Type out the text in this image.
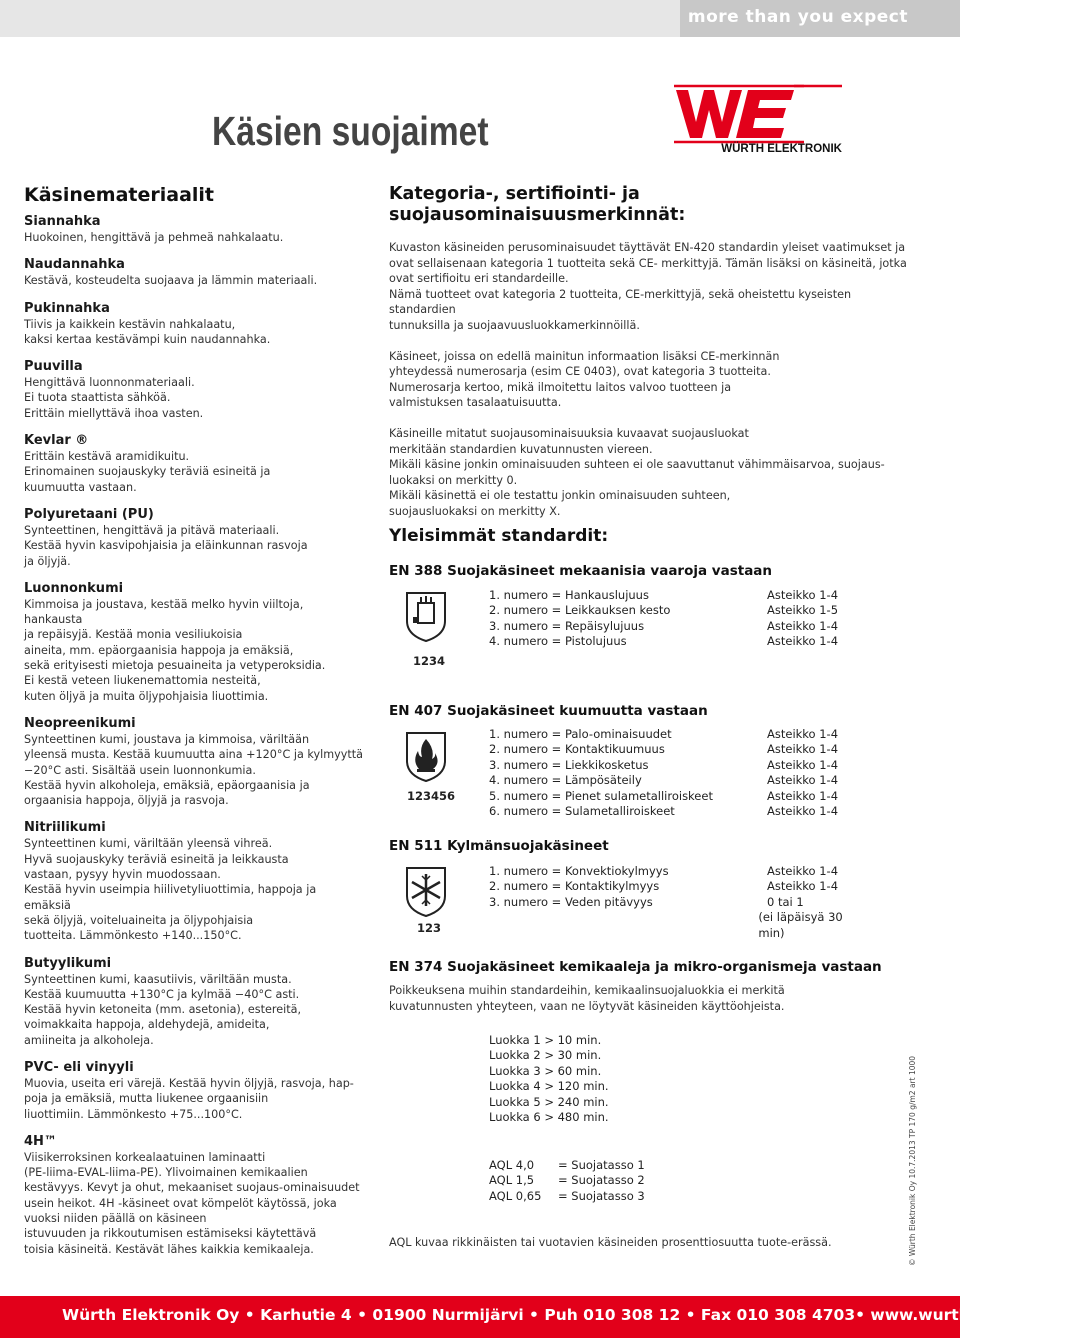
more than you expect
Käsien suojaimet	WÜRTH ELEKTRONIK
Käsinemateriaalit
Siannahka

Huokoinen, hengittävä ja pehmeä nahkalaatu.

Naudannahka

Kestävä, kosteudelta suojaava ja lämmin materiaali.

Pukinnahka

Tiivis ja kaikkein kestävin nahkalaatu,
kaksi kertaa kestävämpi kuin naudannahka.

Puuvilla

Hengittävä luonnonmateriaali.
Ei tuota staattista sähköä.
Erittäin miellyttävä ihoa vasten.

Kevlar ®

Erittäin kestävä aramidikuitu.
Erinomainen suojauskyky teräviä esineitä ja
kuumuutta vastaan.

Polyuretaani (PU)

Synteettinen, hengittävä ja pitävä materiaali.
Kestää hyvin kasvipohjaisia ja eläinkunnan rasvoja
ja öljyjä.

Luonnonkumi

Kimmoisa ja joustava, kestää melko hyvin viiltoja, hankausta
ja repäisyjä. Kestää monia vesiliukoisia
aineita, mm. epäorgaanisia happoja ja emäksiä,
sekä erityisesti mietoja pesuaineita ja vetyperoksidia.
Ei kestä veteen liukenemattomia nesteitä,
kuten öljyä ja muita öljypohjaisia liuottimia.

Neopreenikumi

Synteettinen kumi, joustava ja kimmoisa, väriltään
yleensä musta. Kestää kuumuutta aina +120°C ja kylmyyttä
−20°C asti. Sisältää usein luonnonkumia.
Kestää hyvin alkoholeja, emäksiä, epäorgaanisia ja
orgaanisia happoja, öljyjä ja rasvoja.

Nitriilikumi

Synteettinen kumi, väriltään yleensä vihreä.
Hyvä suojauskyky teräviä esineitä ja leikkausta
vastaan, pysyy hyvin muodossaan.
Kestää hyvin useimpia hiilivetyliuottimia, happoja ja emäksiä
sekä öljyjä, voiteluaineita ja öljypohjaisia
tuotteita. Lämmönkesto +140...150°C.

Butyylikumi

Synteettinen kumi, kaasutiivis, väriltään musta.
Kestää kuumuutta +130°C ja kylmää −40°C asti.
Kestää hyvin ketoneita (mm. asetonia), estereitä,
voimakkaita happoja, aldehydejä, amideita,
amiineita ja alkoholeja.

PVC- eli vinyyli

Muovia, useita eri värejä. Kestää hyvin öljyjä, rasvoja, hap-
poja ja emäksiä, mutta liukenee orgaanisiin
liuottimiin. Lämmönkesto +75...100°C.

4H™

Viisikerroksinen korkealaatuinen laminaatti
(PE-liima-EVAL-liima-PE). Ylivoimainen kemikaalien
kestävyys. Kevyt ja ohut, mekaaniset suojaus-ominaisuudet
usein heikot. 4H -käsineet ovat kömpelöt käytössä, joka
vuoksi niiden päällä on käsineen
istuvuuden ja rikkoutumisen estämiseksi käytettävä
toisia käsineitä. Kestävät lähes kaikkia kemikaaleja.

Kategoria-, sertifiointi- ja
suojausominaisuusmerkinnät:

Kuvaston käsineiden perusominaisuudet täyttävät EN-420 standardin yleiset vaatimukset ja
ovat sellaisenaan kategoria 1 tuotteita sekä CE- merkittyjä. Tämän lisäksi on käsineitä, jotka
ovat sertifioitu eri standardeille.
Nämä tuotteet ovat kategoria 2 tuotteita, CE-merkittyjä, sekä oheistettu kyseisten standardien
tunnuksilla ja suojaavuusluokkamerkinnöillä.

Käsineet, joissa on edellä mainitun informaation lisäksi CE-merkinnän
yhteydessä numerosarja (esim CE 0403), ovat kategoria 3 tuotteita.
Numerosarja kertoo, mikä ilmoitettu laitos valvoo tuotteen ja
valmistuksen tasalaatuisuutta.

Käsineille mitatut suojausominaisuuksia kuvaavat suojausluokat
merkitään standardien kuvatunnusten viereen.
Mikäli käsine jonkin ominaisuuden suhteen ei ole saavuttanut vähimmäisarvoa, suojaus-
luokaksi on merkitty 0.
Mikäli käsinettä ei ole testattu jonkin ominaisuuden suhteen,
suojausluokaksi on merkitty X.

Yleisimmät standardit:
EN 388 Suojakäsineet mekaanisia vaaroja vastaan
1234
1. numero = Hankauslujuus	Asteikko 1-4
2. numero = Leikkauksen kesto	Asteikko 1-5
3. numero = Repäisylujuus	Asteikko 1-4
4. numero = Pistolujuus	Asteikko 1-4
EN 407 Suojakäsineet kuumuutta vastaan
123456
1. numero = Palo-ominaisuudet	Asteikko 1-4
2. numero = Kontaktikuumuus	Asteikko 1-4
3. numero = Liekkikosketus	Asteikko 1-4
4. numero = Lämpösäteily	Asteikko 1-4
5. numero = Pienet sulametalliroiskeet	Asteikko 1-4
6. numero = Sulametalliroiskeet	Asteikko 1-4
EN 511 Kylmänsuojakäsineet
123
1. numero = Konvektiokylmyys	Asteikko 1-4
2. numero = Kontaktikylmyys	Asteikko 1-4
3. numero = Veden pitävyys	0 tai 1
(ei läpäisyä 30 min)
EN 374 Suojakäsineet kemikaaleja ja mikro-organismeja vastaan

Poikkeuksena muihin standardeihin, kemikaalinsuojaluokkia ei merkitä
kuvatunnusten yhteyteen, vaan ne löytyvät käsineiden käyttöohjeista.

Luokka 1 > 10 min.
Luokka 2 > 30 min.
Luokka 3 > 60 min.
Luokka 4 > 120 min.
Luokka 5 > 240 min.
Luokka 6 > 480 min.
AQL 4,0	= Suojatasso 1
AQL 1,5	= Suojatasso 2
AQL 0,65	= Suojatasso 3

AQL kuvaa rikkinäisten tai vuotavien käsineiden prosenttiosuutta tuote-erässä.	© Würth Elektronik Oy 10.7.2013 TP 170 g/m2 art 1000
Würth Elektronik Oy • Karhutie 4 • 01900 Nurmijärvi • Puh 010 308 12 • Fax 010 308 4703• www.wurthelektronik.fi
